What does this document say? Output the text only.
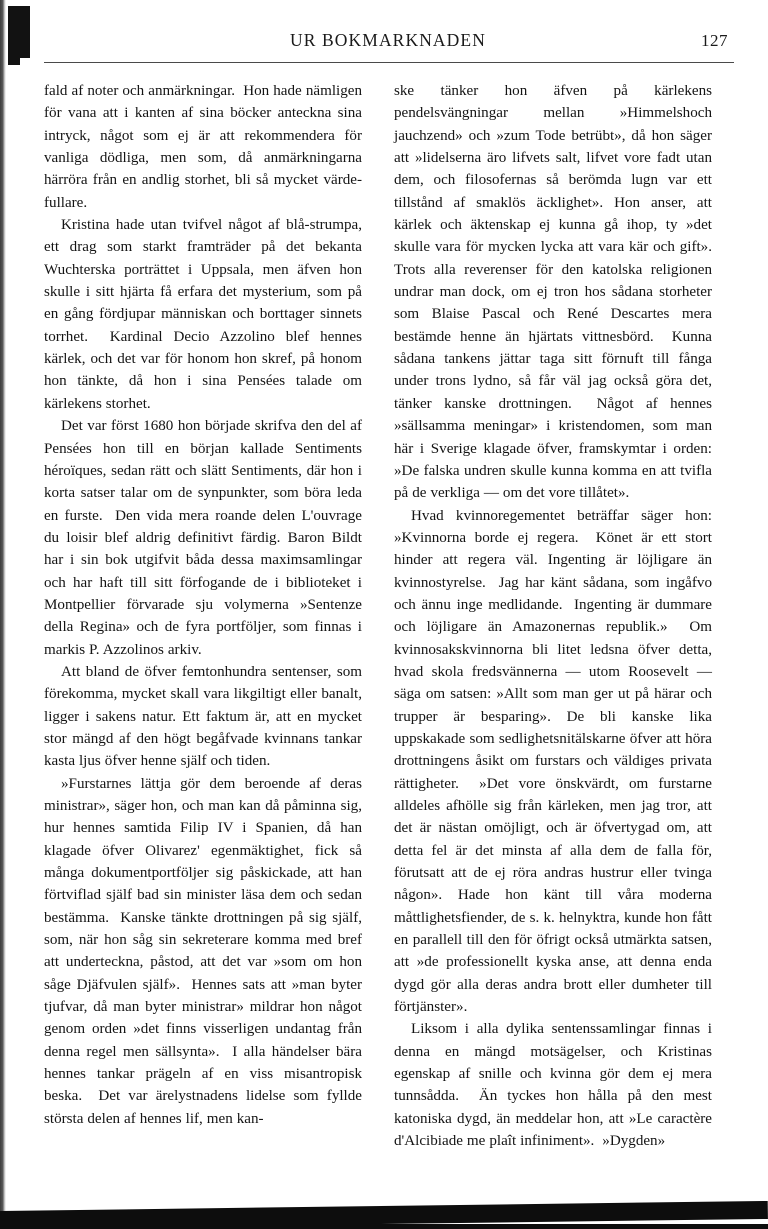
UR BOKMARKNADEN	127

fald af noter och anmärkningar.  Hon hade nämligen för vana att i kanten af sina böcker anteckna sina intryck, något som ej är att rekommendera för vanliga dödliga, men som, då anmärkningarna härröra från en andlig storhet, bli så mycket värde-fullare.

Kristina hade utan tvifvel något af blå-strumpa, ett drag som starkt framträder på det bekanta Wuchterska porträttet i Uppsala, men äfven hon skulle i sitt hjärta få erfara det mysterium, som på en gång fördjupar människan och borttager sinnets torrhet.  Kardinal Decio Azzolino blef hennes kärlek, och det var för honom hon skref, på honom hon tänkte, då hon i sina Pensées talade om kärlekens storhet.

Det var först 1680 hon började skrifva den del af Pensées hon till en början kallade Sentiments héroïques, sedan rätt och slätt Sentiments, där hon i korta satser talar om de synpunkter, som böra leda en furste.  Den vida mera roande delen L'ouvrage du loisir blef aldrig definitivt färdig. Baron Bildt har i sin bok utgifvit båda dessa maximsamlingar och har haft till sitt förfogande de i biblioteket i Montpellier förvarade sju volymerna »Sentenze della Regina» och de fyra portföljer, som finnas i markis P. Azzolinos arkiv.

Att bland de öfver femtonhundra sentenser, som förekomma, mycket skall vara likgiltigt eller banalt, ligger i sakens natur. Ett faktum är, att en mycket stor mängd af den högt begåfvade kvinnans tankar kasta ljus öfver henne själf och tiden.

»Furstarnes lättja gör dem beroende af deras ministrar», säger hon, och man kan då påminna sig, hur hennes samtida Filip IV i Spanien, då han klagade öfver Olivarez' egenmäktighet, fick så många dokumentportföljer sig påskickade, att han förtviflad själf bad sin minister läsa dem och sedan bestämma.  Kanske tänkte drottningen på sig själf, som, när hon såg sin sekreterare komma med bref att underteckna, påstod, att det var »som om hon såge Djäfvulen själf».  Hennes sats att »man byter tjufvar, då man byter ministrar» mildrar hon något genom orden »det finns visserligen undantag från denna regel men sällsynta».  I alla händelser bära hennes tankar prägeln af en viss misantropisk beska.  Det var ärelystnadens lidelse som fyllde största delen af hennes lif, men kan-

ske tänker hon äfven på kärlekens pendelsvängningar mellan »Himmelshoch jauchzend» och »zum Tode betrübt», då hon säger att »lidelserna äro lifvets salt, lifvet vore fadt utan dem, och filosofernas så berömda lugn var ett tillstånd af smaklös äcklighet». Hon anser, att kärlek och äktenskap ej kunna gå ihop, ty »det skulle vara för mycken lycka att vara kär och gift».  Trots alla reverenser för den katolska religionen undrar man dock, om ej tron hos sådana storheter som Blaise Pascal och René Descartes mera bestämde henne än hjärtats vittnesbörd.  Kunna sådana tankens jättar taga sitt förnuft till fånga under trons lydno, så får väl jag också göra det, tänker kanske drottningen.  Något af hennes »sällsamma meningar» i kristendomen, som man här i Sverige klagade öfver, framskymtar i orden: »De falska undren skulle kunna komma en att tvifla på de verkliga — om det vore tillåtet».

Hvad kvinnoregementet beträffar säger hon: »Kvinnorna borde ej regera.  Könet är ett stort hinder att regera väl. Ingenting är löjligare än kvinnostyrelse.  Jag har känt sådana, som ingåfvo och ännu inge medlidande.  Ingenting är dummare och löjligare än Amazonernas republik.»  Om kvinnosakskvinnorna bli litet ledsna öfver detta, hvad skola fredsvännerna — utom Roosevelt — säga om satsen: »Allt som man ger ut på härar och trupper är besparing». De bli kanske lika uppskakade som sedlighetsnitälskarne öfver att höra drottningens åsikt om furstars och väldiges privata rättigheter.  »Det vore önskvärdt, om furstarne alldeles afhölle sig från kärleken, men jag tror, att det är nästan omöjligt, och är öfvertygad om, att detta fel är det minsta af alla dem de falla för, förutsatt att de ej röra andras hustrur eller tvinga någon». Hade hon känt till våra moderna måttlighetsfiender, de s. k. helnyktra, kunde hon fått en parallell till den för öfrigt också utmärkta satsen, att »de professionellt kyska anse, att denna enda dygd gör alla deras andra brott eller dumheter till förtjänster».

Liksom i alla dylika sentenssamlingar finnas i denna en mängd motsägelser, och Kristinas egenskap af snille och kvinna gör dem ej mera tunnsådda.  Än tyckes hon hålla på den mest katoniska dygd, än meddelar hon, att »Le caractère d'Alcibiade me plaît infiniment».  »Dygden»
